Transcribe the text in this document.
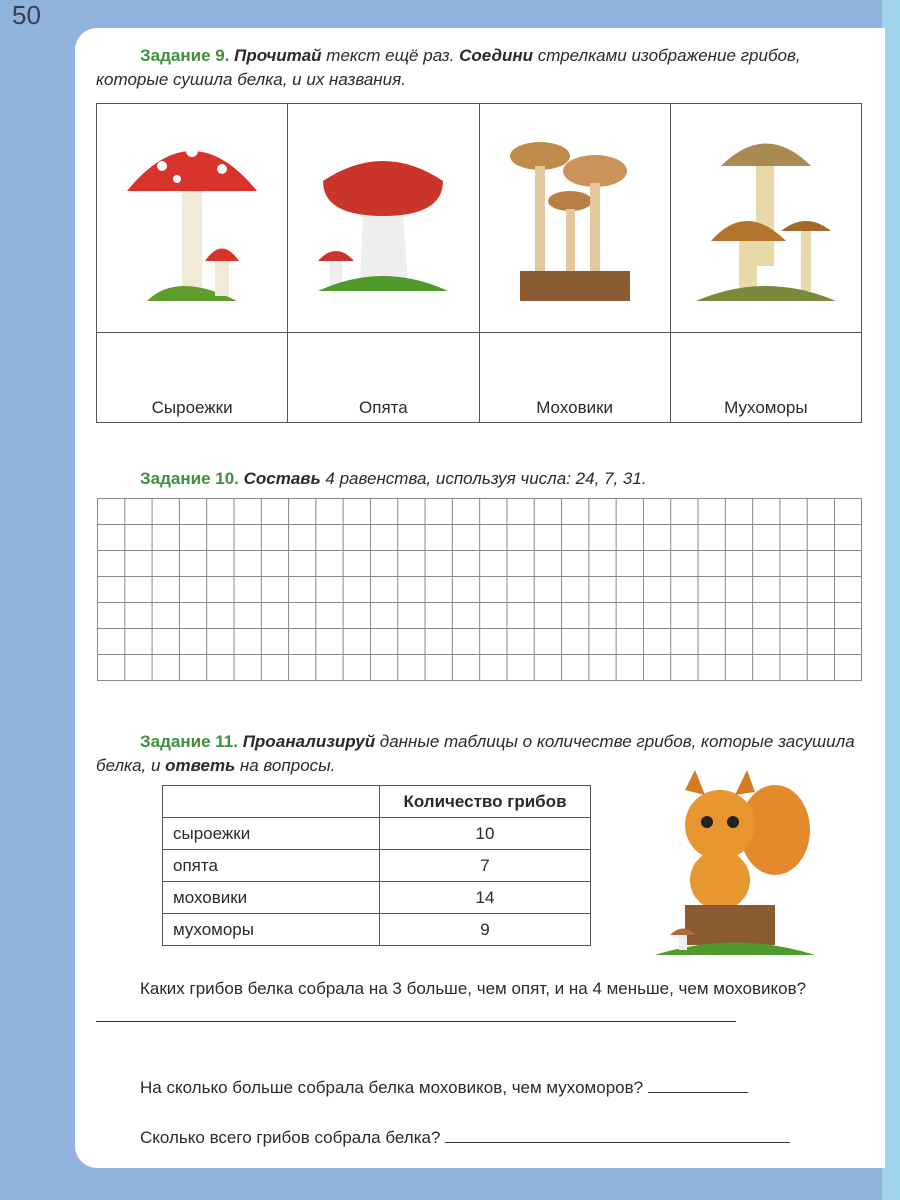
50
Задание 9. Прочитай текст ещё раз. Соедини стрелками изображение грибов, которые сушила белка, и их названия.

Сыроежки	Опята	Моховики	Мухоморы
Задание 10. Составь 4 равенства, используя числа: 24, 7, 31.
Задание 11. Проанализируй данные таблицы о количестве грибов, которые засушила белка, и ответь на вопросы.
	Количество грибов
сыроежки	10
опята	7
моховики	14
мухоморы	9
Каких грибов белка собрала на 3 больше, чем опят, и на 4 меньше, чем моховиков?
На сколько больше собрала белка моховиков, чем мухоморов?
Сколько всего грибов собрала белка?
